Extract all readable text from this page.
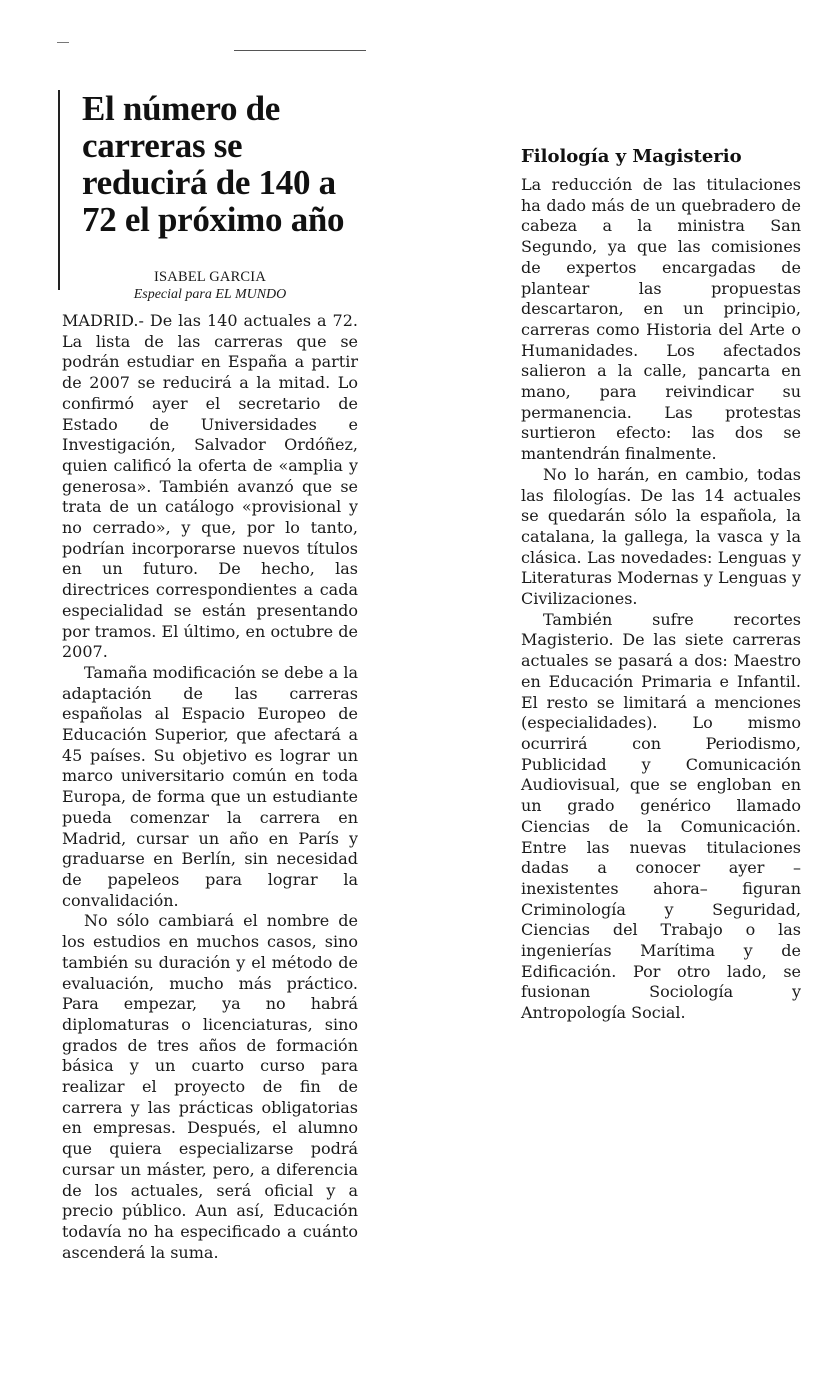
El número de carreras se reducirá de 140 a 72 el próximo año
ISABEL GARCIA
Especial para EL MUNDO

MADRID.- De las 140 actuales a 72. La lista de las carreras que se podrán estudiar en España a partir de 2007 se reducirá a la mitad. Lo confirmó ayer el secretario de Estado de Universidades e Investigación, Salvador Ordóñez, quien calificó la oferta de «amplia y generosa». También avanzó que se trata de un catálogo «provisional y no cerrado», y que, por lo tanto, podrían incorporarse nuevos títulos en un futuro. De hecho, las directrices correspondientes a cada especialidad se están presentando por tramos. El último, en octubre de 2007.

Tamaña modificación se debe a la adaptación de las carreras españolas al Espacio Europeo de Educación Superior, que afectará a 45 países. Su objetivo es lograr un marco universitario común en toda Europa, de forma que un estudiante pueda comenzar la carrera en Madrid, cursar un año en París y graduarse en Berlín, sin necesidad de papeleos para lograr la convalidación.

No sólo cambiará el nombre de los estudios en muchos casos, sino también su duración y el método de evaluación, mucho más práctico. Para empezar, ya no habrá diplomaturas o licenciaturas, sino grados de tres años de formación básica y un cuarto curso para realizar el proyecto de fin de carrera y las prácticas obligatorias en empresas. Después, el alumno que quiera especializarse podrá cursar un máster, pero, a diferencia de los actuales, será oficial y a precio público. Aun así, Educación todavía no ha especificado a cuánto ascenderá la suma.

Filología y Magisterio

La reducción de las titulaciones ha dado más de un quebradero de cabeza a la ministra San Segundo, ya que las comisiones de expertos encargadas de plantear las propuestas descartaron, en un principio, carreras como Historia del Arte o Humanidades. Los afectados salieron a la calle, pancarta en mano, para reivindicar su permanencia. Las protestas surtieron efecto: las dos se mantendrán finalmente.

No lo harán, en cambio, todas las filologías. De las 14 actuales se quedarán sólo la española, la catalana, la gallega, la vasca y la clásica. Las novedades: Lenguas y Literaturas Modernas y Lenguas y Civilizaciones.

También sufre recortes Magisterio. De las siete carreras actuales se pasará a dos: Maestro en Educación Primaria e Infantil. El resto se limitará a menciones (especialidades). Lo mismo ocurrirá con Periodismo, Publicidad y Comunicación Audiovisual, que se engloban en un grado genérico llamado Ciencias de la Comunicación. Entre las nuevas titulaciones dadas a conocer ayer –inexistentes ahora– figuran Criminología y Seguridad, Ciencias del Trabajo o las ingenierías Marítima y de Edificación. Por otro lado, se fusionan Sociología y Antropología Social.
